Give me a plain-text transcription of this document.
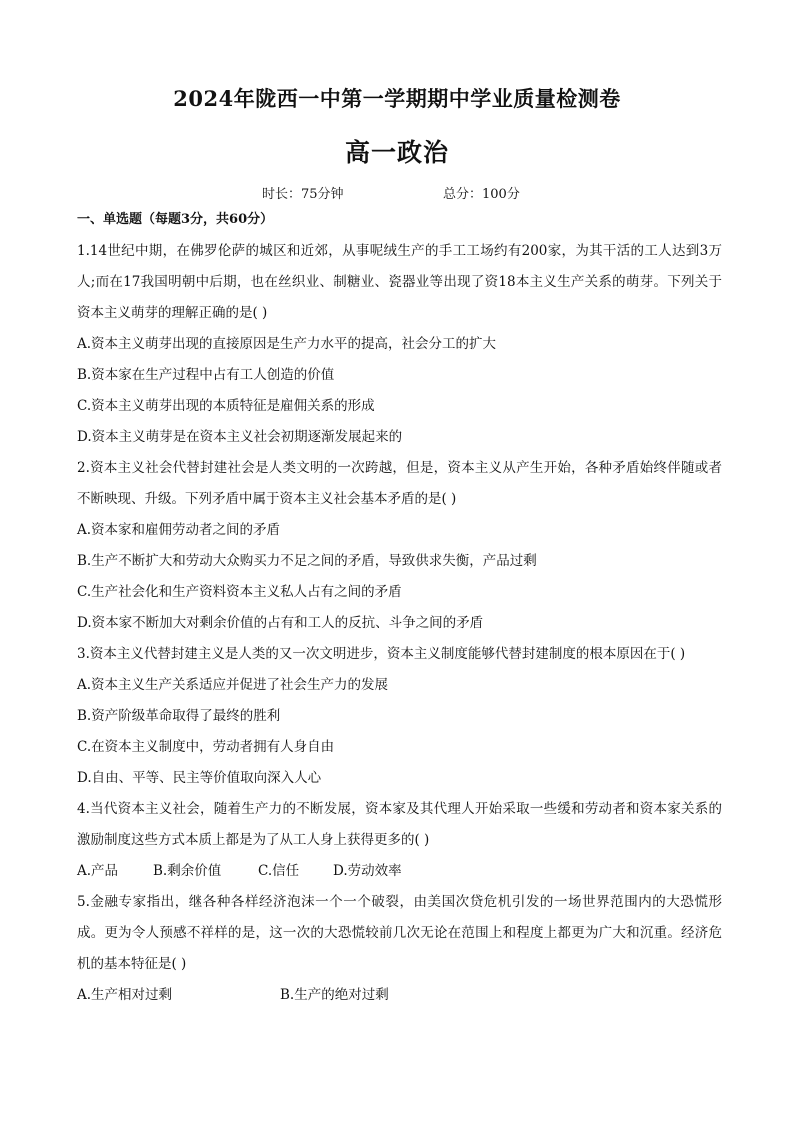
2024年陇西一中第一学期期中学业质量检测卷
高一政治
时长：75分钟	总分：100分
一、单选题（每题3分，共60分）
1.14世纪中期，在佛罗伦萨的城区和近郊，从事呢绒生产的手工工场约有200家，为其干活的工人达到3万人;而在17我国明朝中后期，也在丝织业、制糖业、瓷器业等出现了资18本主义生产关系的萌芽。下列关于资本主义萌芽的理解正确的是( )
A.资本主义萌芽出现的直接原因是生产力水平的提高，社会分工的扩大
B.资本家在生产过程中占有工人创造的价值
C.资本主义萌芽出现的本质特征是雇佣关系的形成
D.资本主义萌芽是在资本主义社会初期逐渐发展起来的
2.资本主义社会代替封建社会是人类文明的一次跨越，但是，资本主义从产生开始，各种矛盾始终伴随或者不断映现、升级。下列矛盾中属于资本主义社会基本矛盾的是( )
A.资本家和雇佣劳动者之间的矛盾
B.生产不断扩大和劳动大众购买力不足之间的矛盾，导致供求失衡，产品过剩
C.生产社会化和生产资料资本主义私人占有之间的矛盾
D.资本家不断加大对剩余价值的占有和工人的反抗、斗争之间的矛盾
3.资本主义代替封建主义是人类的又一次文明进步，资本主义制度能够代替封建制度的根本原因在于( )
A.资本主义生产关系适应并促进了社会生产力的发展
B.资产阶级革命取得了最终的胜利
C.在资本主义制度中，劳动者拥有人身自由
D.自由、平等、民主等价值取向深入人心
4.当代资本主义社会，随着生产力的不断发展，资本家及其代理人开始采取一些缓和劳动者和资本家关系的激励制度这些方式本质上都是为了从工人身上获得更多的( )
A.产品	B.剩余价值	C.信任	D.劳动效率
5.金融专家指出，继各种各样经济泡沫一个一个破裂，由美国次贷危机引发的一场世界范围内的大恐慌形成。更为令人预感不祥样的是，这一次的大恐慌较前几次无论在范围上和程度上都更为广大和沉重。经济危机的基本特征是( )
A.生产相对过剩	B.生产的绝对过剩
